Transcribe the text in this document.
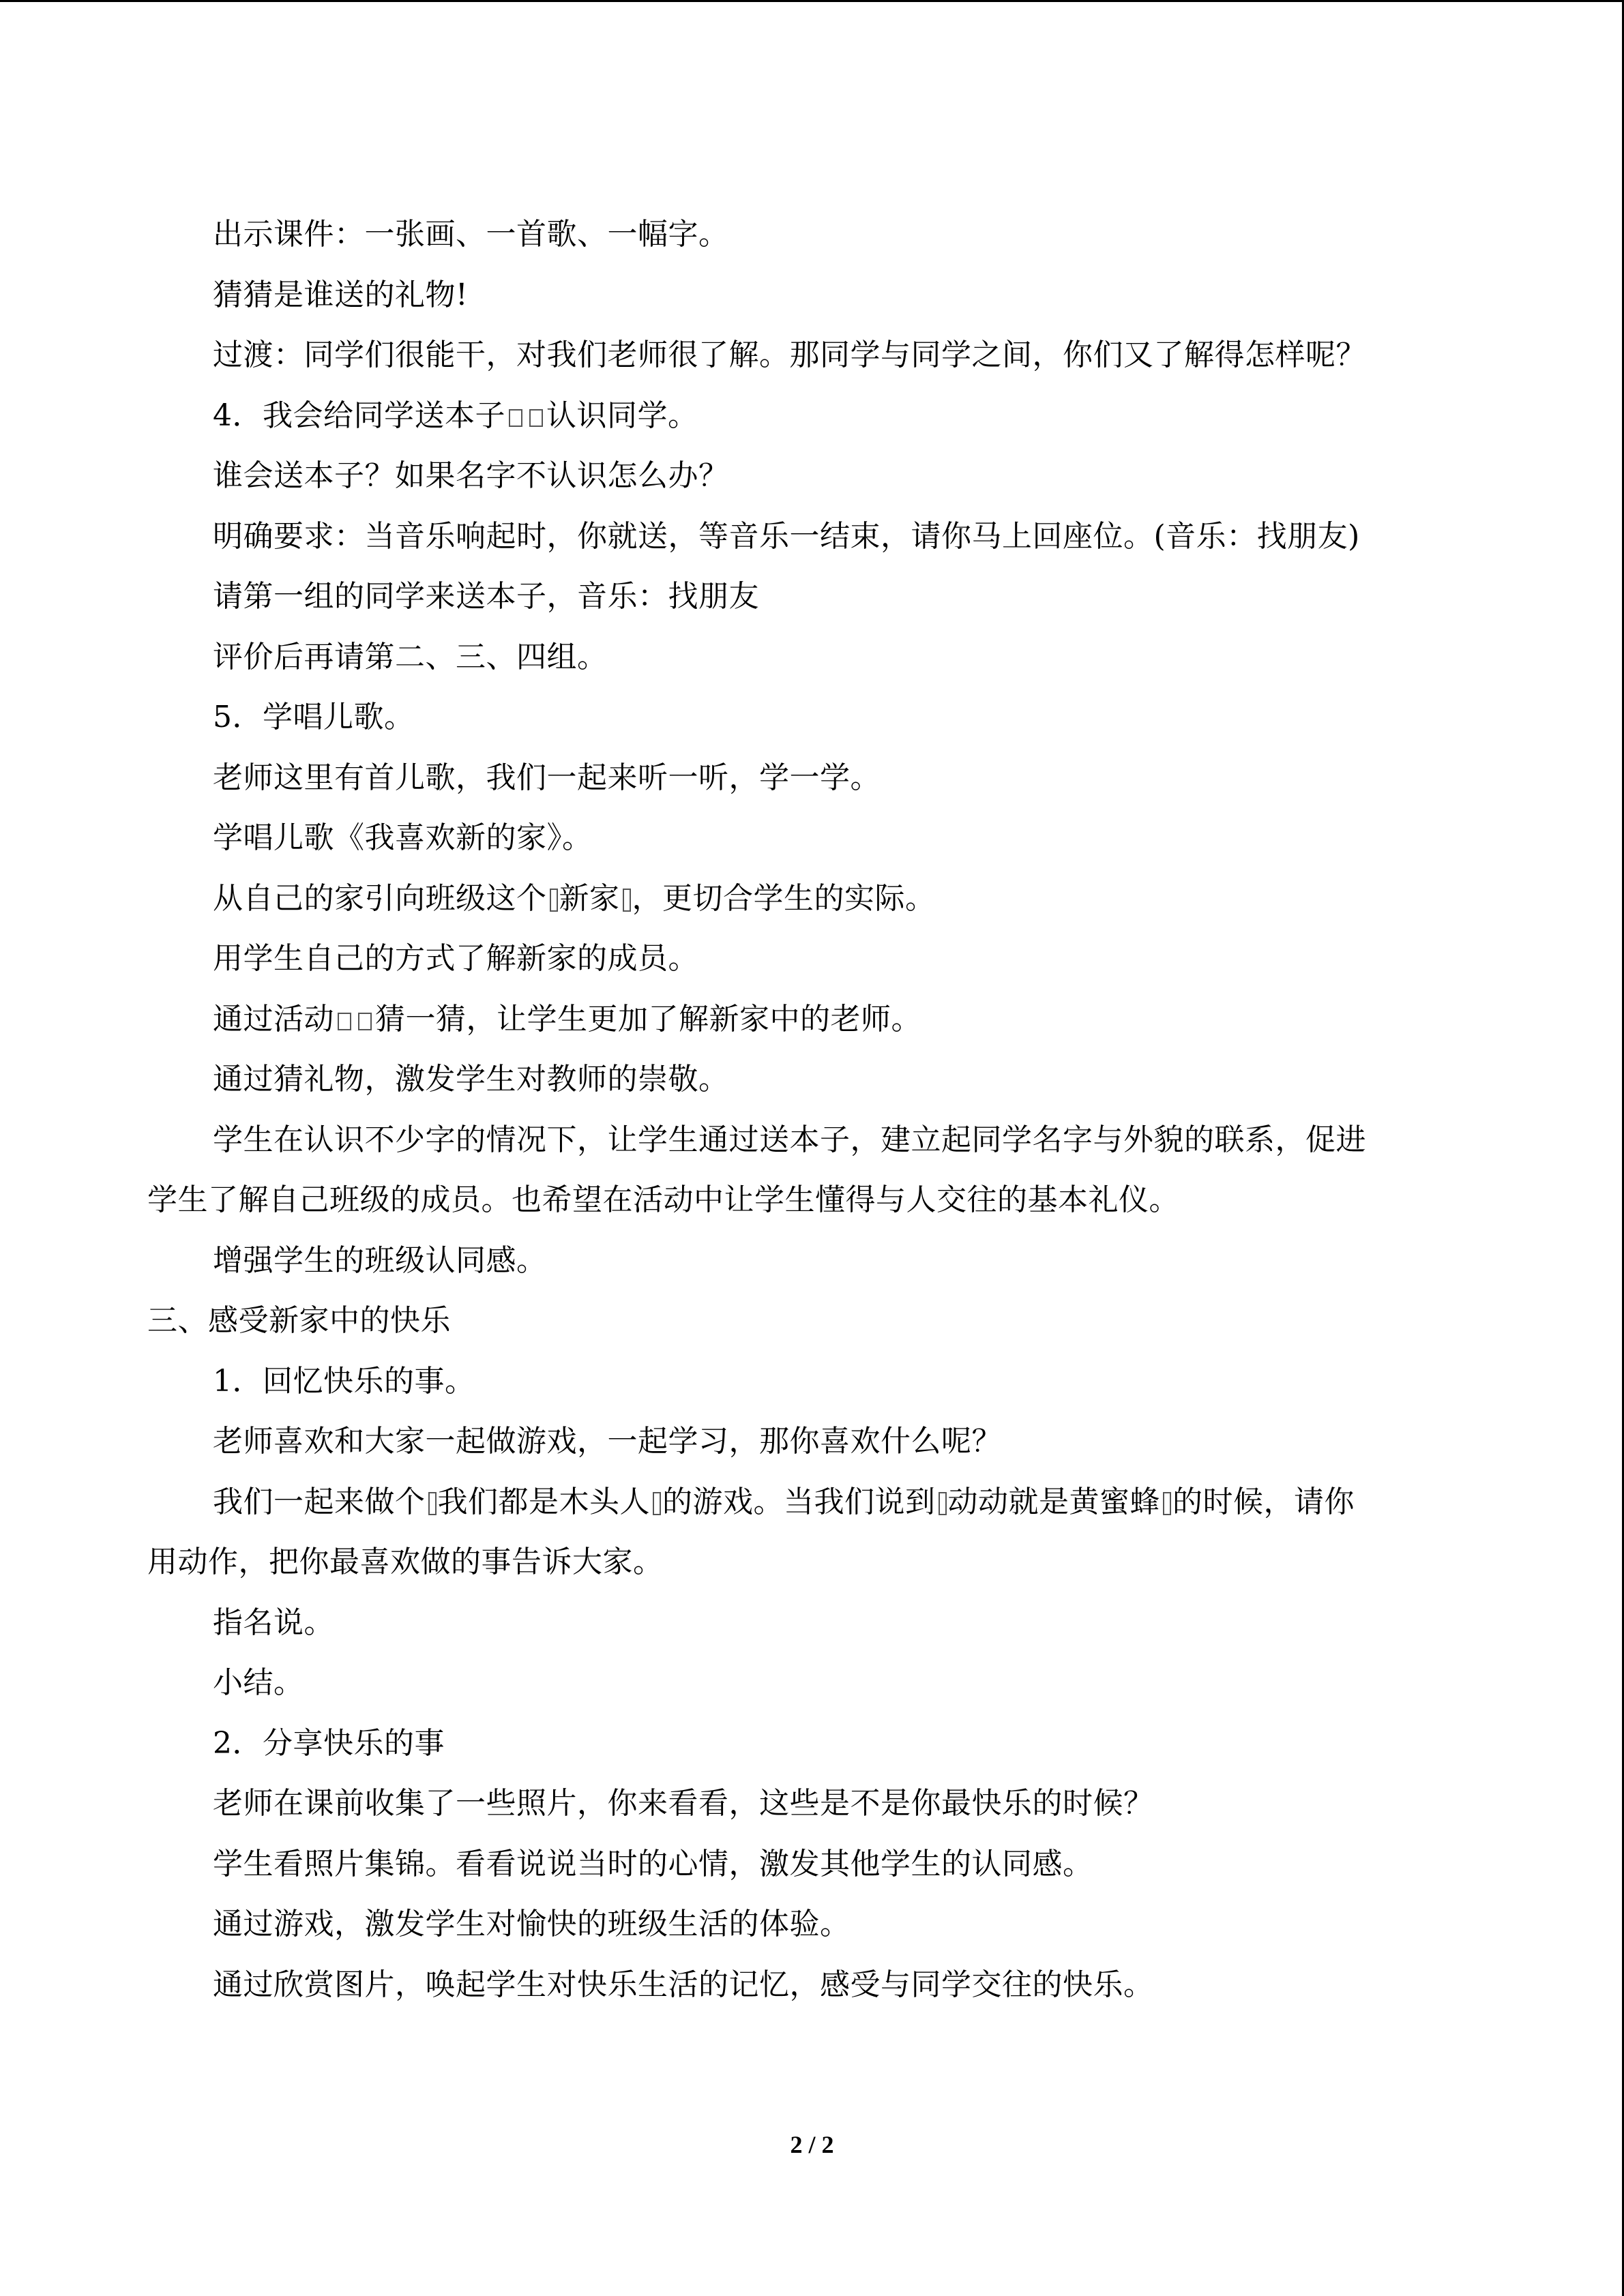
出示课件：一张画、一首歌、一幅字。
猜猜是谁送的礼物!
过渡：同学们很能干，对我们老师很了解。那同学与同学之间，你们又了解得怎样呢？
4．我会给同学送本子 认识同学。
谁会送本子？如果名字不认识怎么办？
明确要求：当音乐响起时，你就送，等音乐一结束，请你马上回座位。(音乐：找朋友)
请第一组的同学来送本子，音乐：找朋友
评价后再请第二、三、四组。
5．学唱儿歌。
老师这里有首儿歌，我们一起来听一听，学一学。
学唱儿歌《我喜欢新的家》。
从自己的家引向班级这个 新家 ，更切合学生的实际。
用学生自己的方式了解新家的成员。
通过活动 猜一猜，让学生更加了解新家中的老师。
通过猜礼物，激发学生对教师的崇敬。
学生在认识不少字的情况下，让学生通过送本子，建立起同学名字与外貌的联系，促进
学生了解自己班级的成员。也希望在活动中让学生懂得与人交往的基本礼仪。
增强学生的班级认同感。
三、感受新家中的快乐
1．回忆快乐的事。
老师喜欢和大家一起做游戏，一起学习，那你喜欢什么呢？
我们一起来做个 我们都是木头人 的游戏。当我们说到 动动就是黄蜜蜂 的时候，请你
用动作，把你最喜欢做的事告诉大家。
指名说。
小结。
2．分享快乐的事
老师在课前收集了一些照片，你来看看，这些是不是你最快乐的时候？
学生看照片集锦。看看说说当时的心情，激发其他学生的认同感。
通过游戏，激发学生对愉快的班级生活的体验。
通过欣赏图片，唤起学生对快乐生活的记忆，感受与同学交往的快乐。
2 / 2
